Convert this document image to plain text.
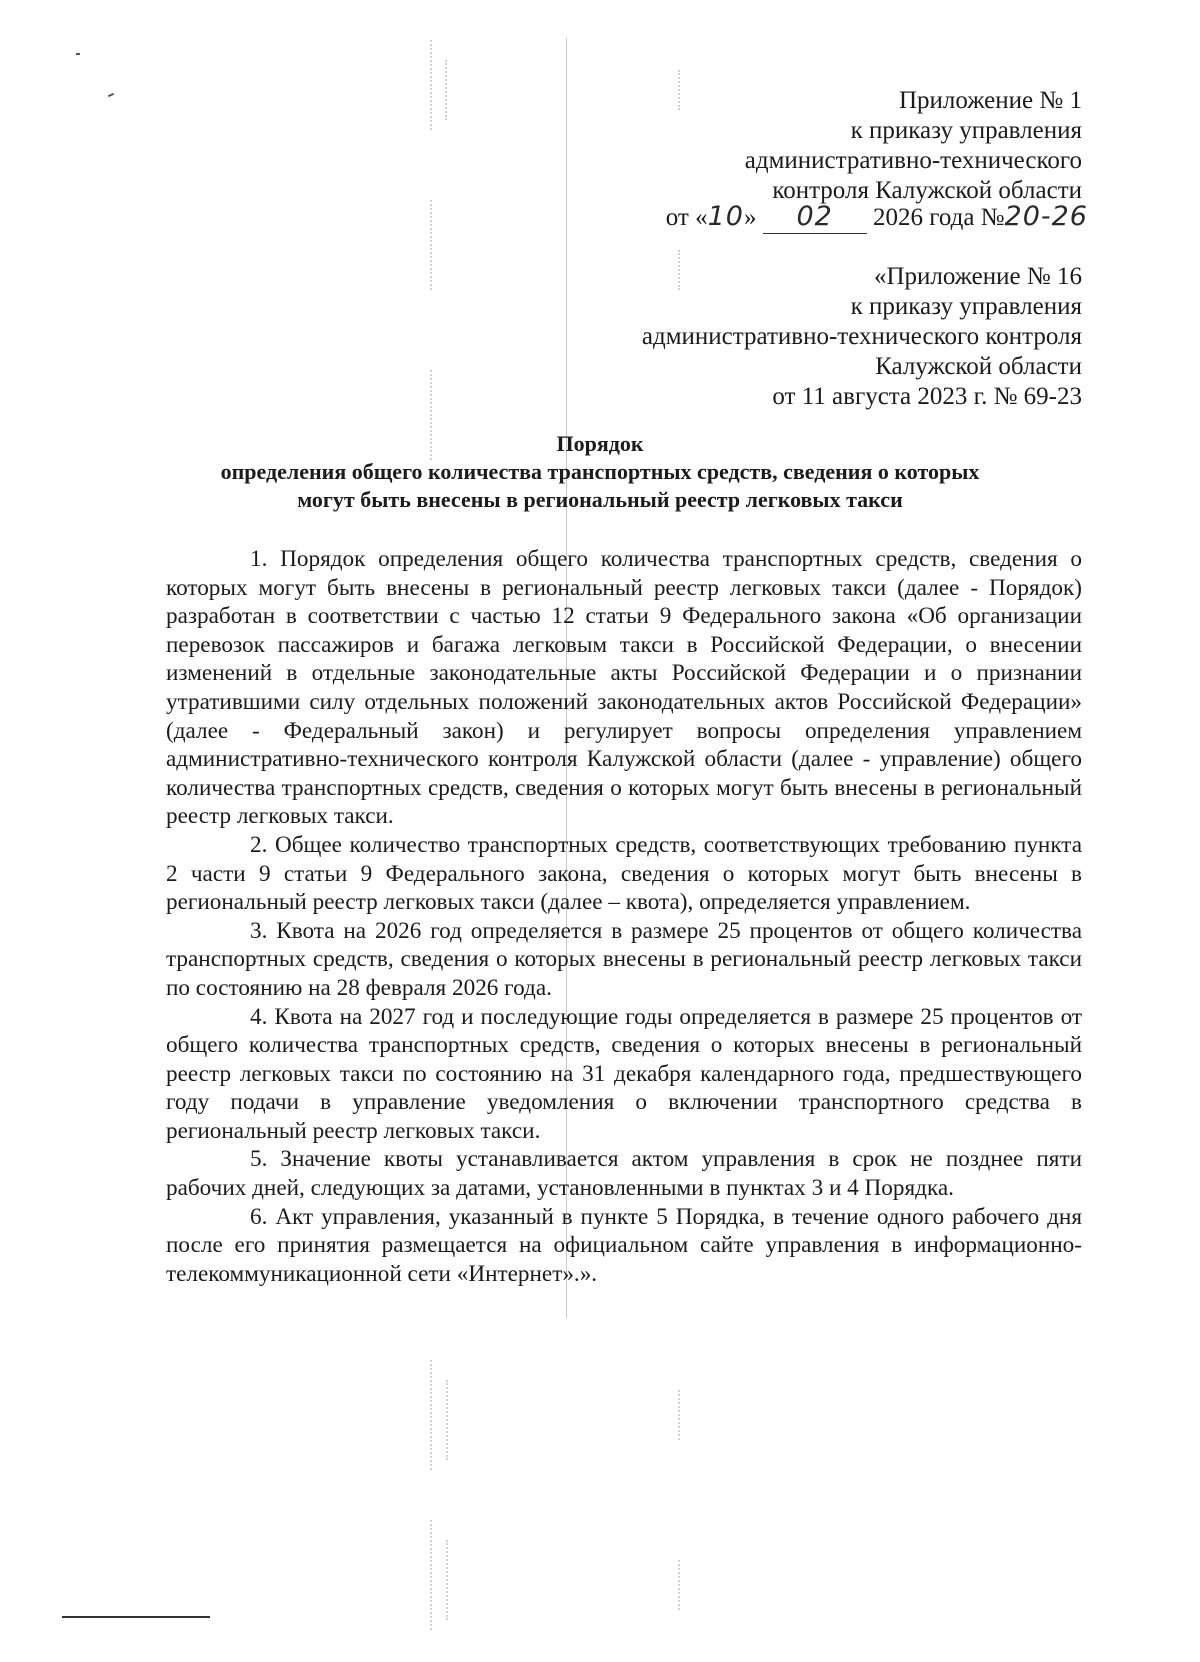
Приложение № 1
к приказу управления
административно-технического
контроля Калужской области
от «10» 02 2026 года №20-26
«Приложение № 16
к приказу управления
административно-технического контроля
Калужской области
от 11 августа 2023 г. № 69-23
Порядок
определения общего количества транспортных средств, сведения о которых
могут быть внесены в региональный реестр легковых такси

1. Порядок определения общего количества транспортных средств, сведения о которых могут быть внесены в региональный реестр легковых такси (далее - Порядок) разработан в соответствии с частью 12 статьи 9 Федерального закона «Об организации перевозок пассажиров и багажа легковым такси в Российской Федерации, о внесении изменений в отдельные законодательные акты Российской Федерации и о признании утратившими силу отдельных положений законодательных актов Российской Федерации» (далее - Федеральный закон) и регулирует вопросы определения управлением административно-технического контроля Калужской области (далее - управление) общего количества транспортных средств, сведения о которых могут быть внесены в региональный реестр легковых такси.

2. Общее количество транспортных средств, соответствующих требованию пункта 2 части 9 статьи 9 Федерального закона, сведения о которых могут быть внесены в региональный реестр легковых такси (далее – квота), определяется управлением.

3. Квота на 2026 год определяется в размере 25 процентов от общего количества транспортных средств, сведения о которых внесены в региональный реестр легковых такси по состоянию на 28 февраля 2026 года.

4. Квота на 2027 год и последующие годы определяется в размере 25 процентов от общего количества транспортных средств, сведения о которых внесены в региональный реестр легковых такси по состоянию на 31 декабря календарного года, предшествующего году подачи в управление уведомления о включении транспортного средства в региональный реестр легковых такси.

5. Значение квоты устанавливается актом управления в срок не позднее пяти рабочих дней, следующих за датами, установленными в пунктах 3 и 4 Порядка.

6. Акт управления, указанный в пункте 5 Порядка, в течение одного рабочего дня после его принятия размещается на официальном сайте управления в информационно-телекоммуникационной сети «Интернет».».
